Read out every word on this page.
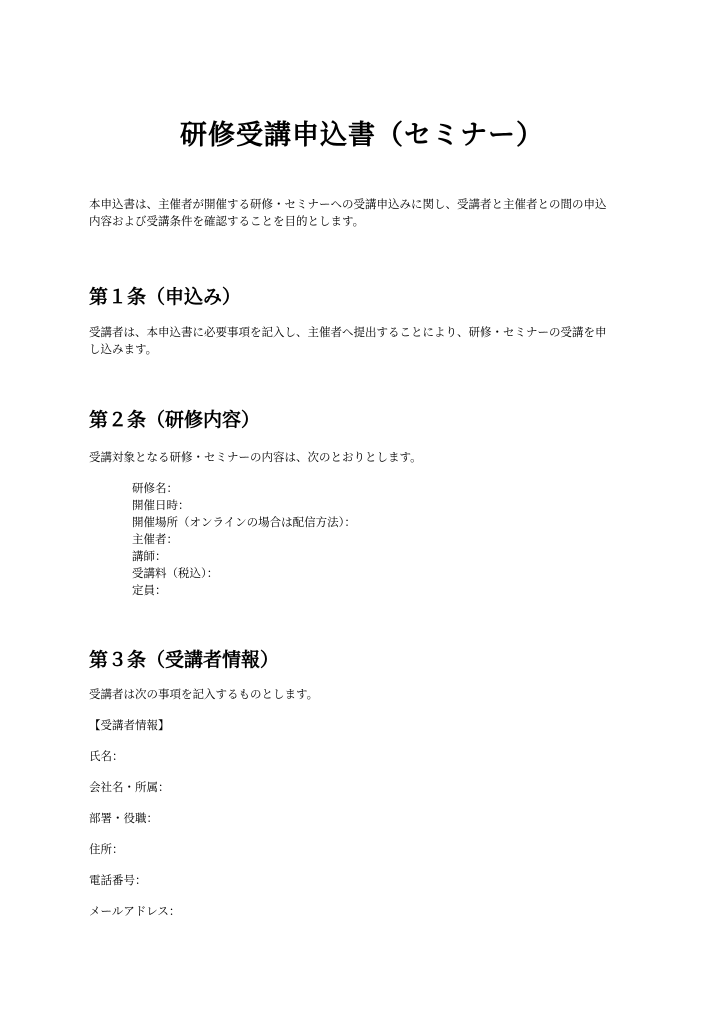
研修受講申込書（セミナー）

本申込書は、主催者が開催する研修・セミナーへの受講申込みに関し、受講者と主催者との間の申込

内容および受講条件を確認することを目的とします。

第１条（申込み）

受講者は、本申込書に必要事項を記入し、主催者へ提出することにより、研修・セミナーの受講を申

し込みます。

第２条（研修内容）

受講対象となる研修・セミナーの内容は、次のとおりとします。

研修名：
開催日時：
開催場所（オンラインの場合は配信方法）：
主催者：
講師：
受講料（税込）：
定員：
第３条（受講者情報）

受講者は次の事項を記入するものとします。

【受講者情報】

氏名：

会社名・所属：

部署・役職：

住所：

電話番号：

メールアドレス：
